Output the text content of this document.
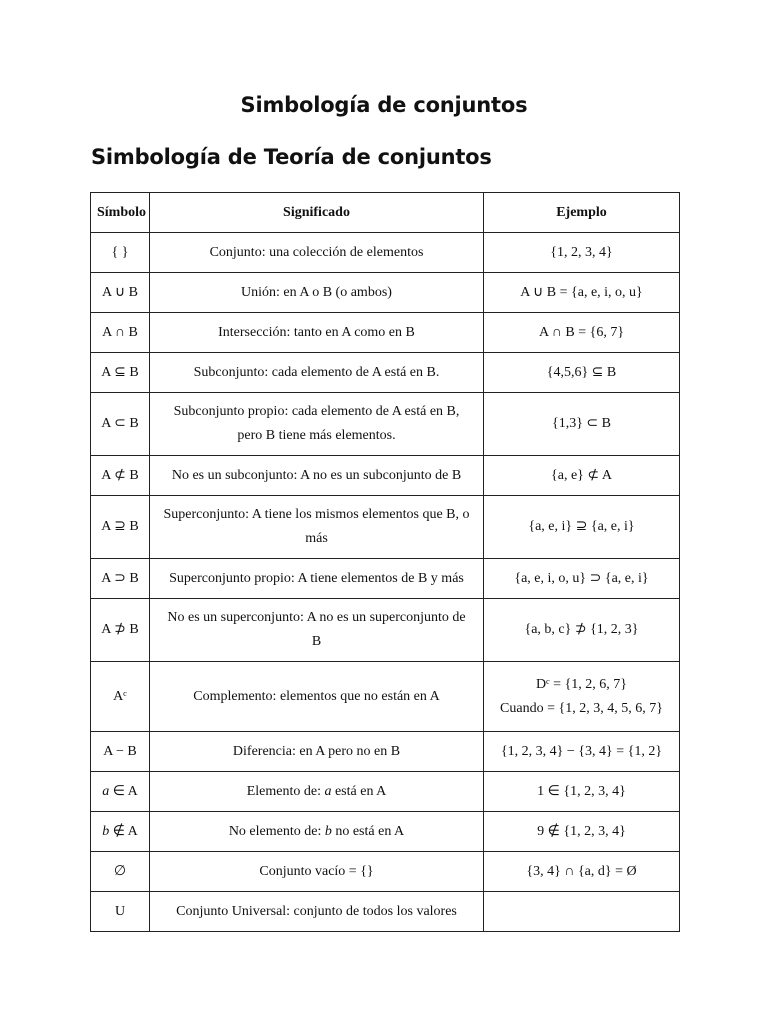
Simbología de conjuntos
Simbología de Teoría de conjuntos
Símbolo	Significado	Ejemplo
{ }	Conjunto: una colección de elementos	{1, 2, 3, 4}

A ∪ B	Unión: en A o B (o ambos)	A ∪ B = {a, e, i, o, u}

A ∩ B	Intersección: tanto en A como en B	A ∩ B = {6, 7}

A ⊆ B	Subconjunto: cada elemento de A está en B.	{4,5,6} ⊆ B

A ⊂ B	Subconjunto propio: cada elemento de A está en B,
pero B tiene más elementos.	{1,3} ⊂ B

A ⊄ B	No es un subconjunto: A no es un subconjunto de B	{a, e} ⊄ A

A ⊇ B	Superconjunto: A tiene los mismos elementos que B, o
más	{a, e, i} ⊇ {a, e, i}

A ⊃ B	Superconjunto propio: A tiene elementos de B y más	{a, e, i, o, u} ⊃ {a, e, i}

A ⊅ B	No es un superconjunto: A no es un superconjunto de
B	{a, b, c} ⊅ {1, 2, 3}

Aᶜ	Complemento: elementos que no están en A	Dᶜ = {1, 2, 6, 7}
Cuando = {1, 2, 3, 4, 5, 6, 7}

A − B	Diferencia: en A pero no en B	{1, 2, 3, 4} − {3, 4} = {1, 2}

a ∈ A	Elemento de: a está en A	1 ∈ {1, 2, 3, 4}

b ∉ A	No elemento de: b no está en A	9 ∉ {1, 2, 3, 4}

∅	Conjunto vacío = {}	{3, 4} ∩ {a, d} = Ø

U	Conjunto Universal: conjunto de todos los valores	
